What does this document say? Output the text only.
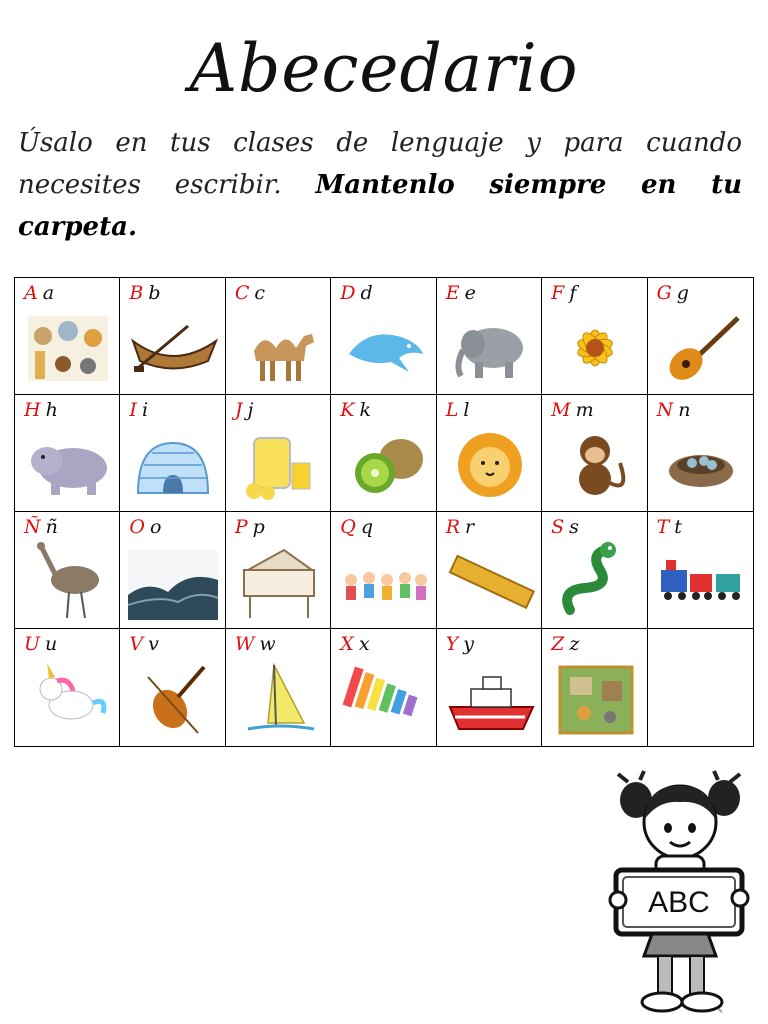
Abecedario
Úsalo en tus clases de lenguaje y para cuando necesites escribir. Mantenlo siempre en tu carpeta.
A a	B b	C c	D d	E e	F f	G g
H h	I i	J j	K k	L l	M m	N n
Ñ ñ	O o	P p	Q q	R r	S s	T t
U u	V v	W w	X x	Y y	Z z
ABC
✎
